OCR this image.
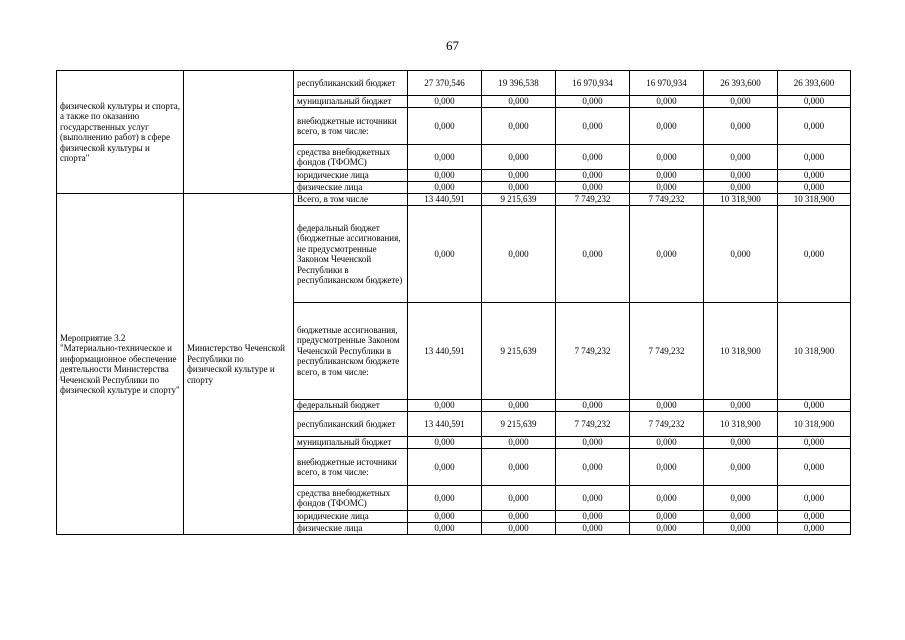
67
физической культуры и спорта, а также по оказанию государственных услуг (выполнению работ) в сфере физической культуры и спорта"		республиканский бюджет	27 370,546	19 396,538	16 970,934	16 970,934	26 393,600	26 393,600
		муниципальный бюджет	0,000	0,000	0,000	0,000	0,000	0,000
		внебюджетные источники всего, в том числе:	0,000	0,000	0,000	0,000	0,000	0,000
		средства внебюджетных фондов (ТФОМС)	0,000	0,000	0,000	0,000	0,000	0,000
		юридические лица	0,000	0,000	0,000	0,000	0,000	0,000
		физические лица	0,000	0,000	0,000	0,000	0,000	0,000
Мероприятие 3.2 "Материально-техническое и информационное обеспечение деятельности Министерства Чеченской Республики по физической культуре и спорту"	Министерство Чеченской Республики по физической культуре и спорту	Всего, в том числе	13 440,591	9 215,639	7 749,232	7 749,232	10 318,900	10 318,900
		федеральный бюджет (бюджетные ассигнования, не предусмотренные Законом Чеченской Республики в республиканском бюджете)	0,000	0,000	0,000	0,000	0,000	0,000
		бюджетные ассигнования, предусмотренные Законом Чеченской Республики в республиканском бюджете всего, в том числе:	13 440,591	9 215,639	7 749,232	7 749,232	10 318,900	10 318,900
		федеральный бюджет	0,000	0,000	0,000	0,000	0,000	0,000
		республиканский бюджет	13 440,591	9 215,639	7 749,232	7 749,232	10 318,900	10 318,900
		муниципальный бюджет	0,000	0,000	0,000	0,000	0,000	0,000
		внебюджетные источники всего, в том числе:	0,000	0,000	0,000	0,000	0,000	0,000
		средства внебюджетных фондов (ТФОМС)	0,000	0,000	0,000	0,000	0,000	0,000
		юридические лица	0,000	0,000	0,000	0,000	0,000	0,000
		физические лица	0,000	0,000	0,000	0,000	0,000	0,000
